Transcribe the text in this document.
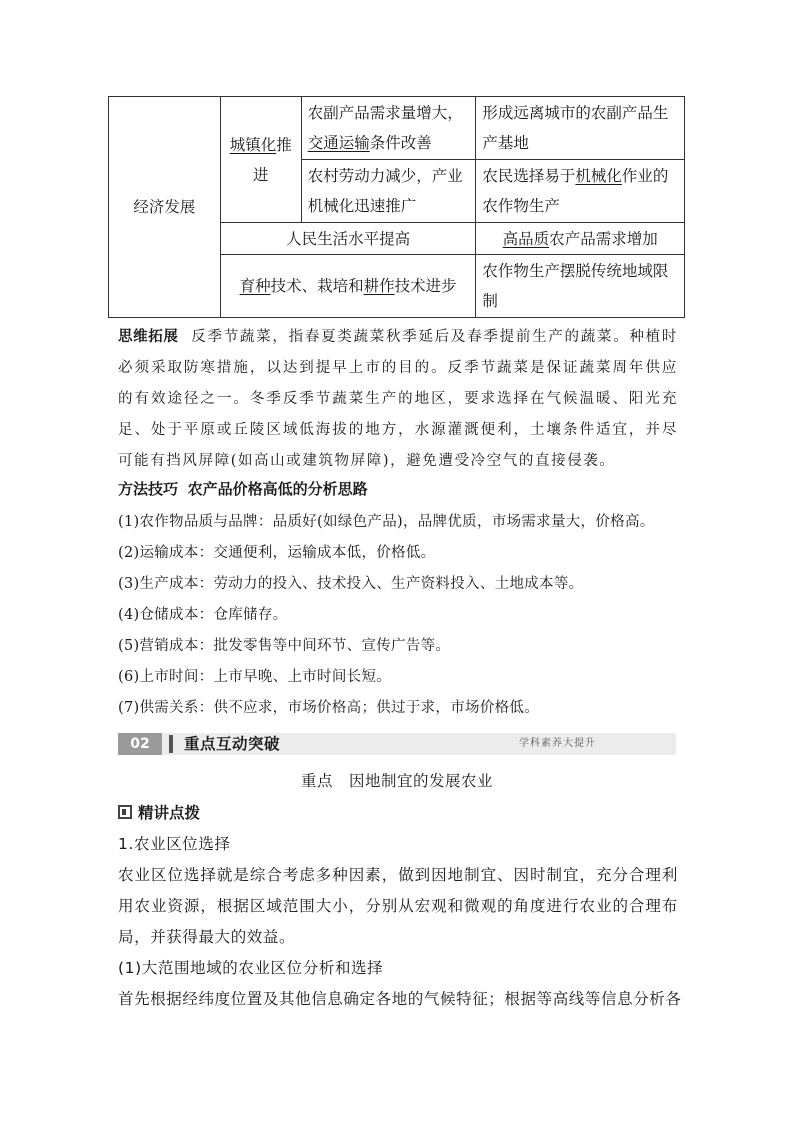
经济发展	城镇化推进	农副产品需求量增大，交通运输条件改善	形成远离城市的农副产品生产基地
		农村劳动力减少，产业机械化迅速推广	农民选择易于机械化作业的农作物生产
	人民生活水平提高		高品质农产品需求增加
	育种技术、栽培和耕作技术进步		农作物生产摆脱传统地域限制

思维拓展 反季节蔬菜，指春夏类蔬菜秋季延后及春季提前生产的蔬菜。种植时必须采取防寒措施，以达到提早上市的目的。反季节蔬菜是保证蔬菜周年供应的有效途径之一。冬季反季节蔬菜生产的地区，要求选择在气候温暖、阳光充足、处于平原或丘陵区域低海拔的地方，水源灌溉便利，土壤条件适宜，并尽可能有挡风屏障(如高山或建筑物屏障)，避免遭受冷空气的直接侵袭。

方法技巧 农产品价格高低的分析思路

(1)农作物品质与品牌：品质好(如绿色产品)，品牌优质，市场需求量大，价格高。
(2)运输成本：交通便利，运输成本低，价格低。
(3)生产成本：劳动力的投入、技术投入、生产资料投入、土地成本等。
(4)仓储成本：仓库储存。
(5)营销成本：批发零售等中间环节、宣传广告等。
(6)上市时间：上市早晚、上市时间长短。
(7)供需关系：供不应求，市场价格高；供过于求，市场价格低。
02	重点互动突破	学科素养大提升
重点 因地制宜的发展农业
精讲点拨

1.农业区位选择

农业区位选择就是综合考虑多种因素，做到因地制宜、因时制宜，充分合理利用农业资源，根据区域范围大小，分别从宏观和微观的角度进行农业的合理布局，并获得最大的效益。

(1)大范围地域的农业区位分析和选择

首先根据经纬度位置及其他信息确定各地的气候特征；根据等高线等信息分析各
